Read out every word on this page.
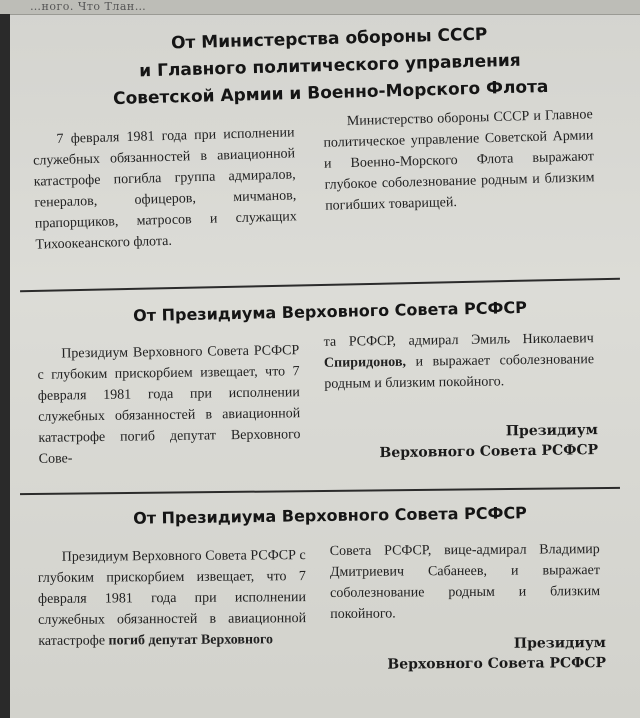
…ного. Что Тлан…
От Министерства обороны СССР
и Главного политического управления
Советской Армии и Военно-Морского Флота

7 февраля 1981 года при исполнении служебных обязанностей в авиационной катастрофе погибла группа адмиралов, генералов, офицеров, мичманов, прапорщиков, матросов и служащих Тихоокеанского флота.

Министерство обороны СССР и Главное политическое управление Советской Армии и Военно-Морского Флота выражают глубокое соболезнование родным и близким погибших товарищей.

От Президиума Верховного Совета РСФСР

Президиум Верховного Совета РСФСР с глубоким прискорбием извещает, что 7 февраля 1981 года при исполнении служебных обязанностей в авиационной катастрофе погиб депутат Верховного Сове-

та РСФСР, адмирал Эмиль Николаевич Спиридонов, и выражает соболезнование родным и близким покойного.

Президиум
Верховного Совета РСФСР
От Президиума Верховного Совета РСФСР

Президиум Верховного Совета РСФСР с глубоким прискорбием извещает, что 7 февраля 1981 года при исполнении служебных обязанностей в авиационной катастрофе погиб депутат Верховного

Совета РСФСР, вице-адмирал Владимир Дмитриевич Сабанеев, и выражает соболезнование родным и близким покойного.

Президиум
Верховного Совета РСФСР
